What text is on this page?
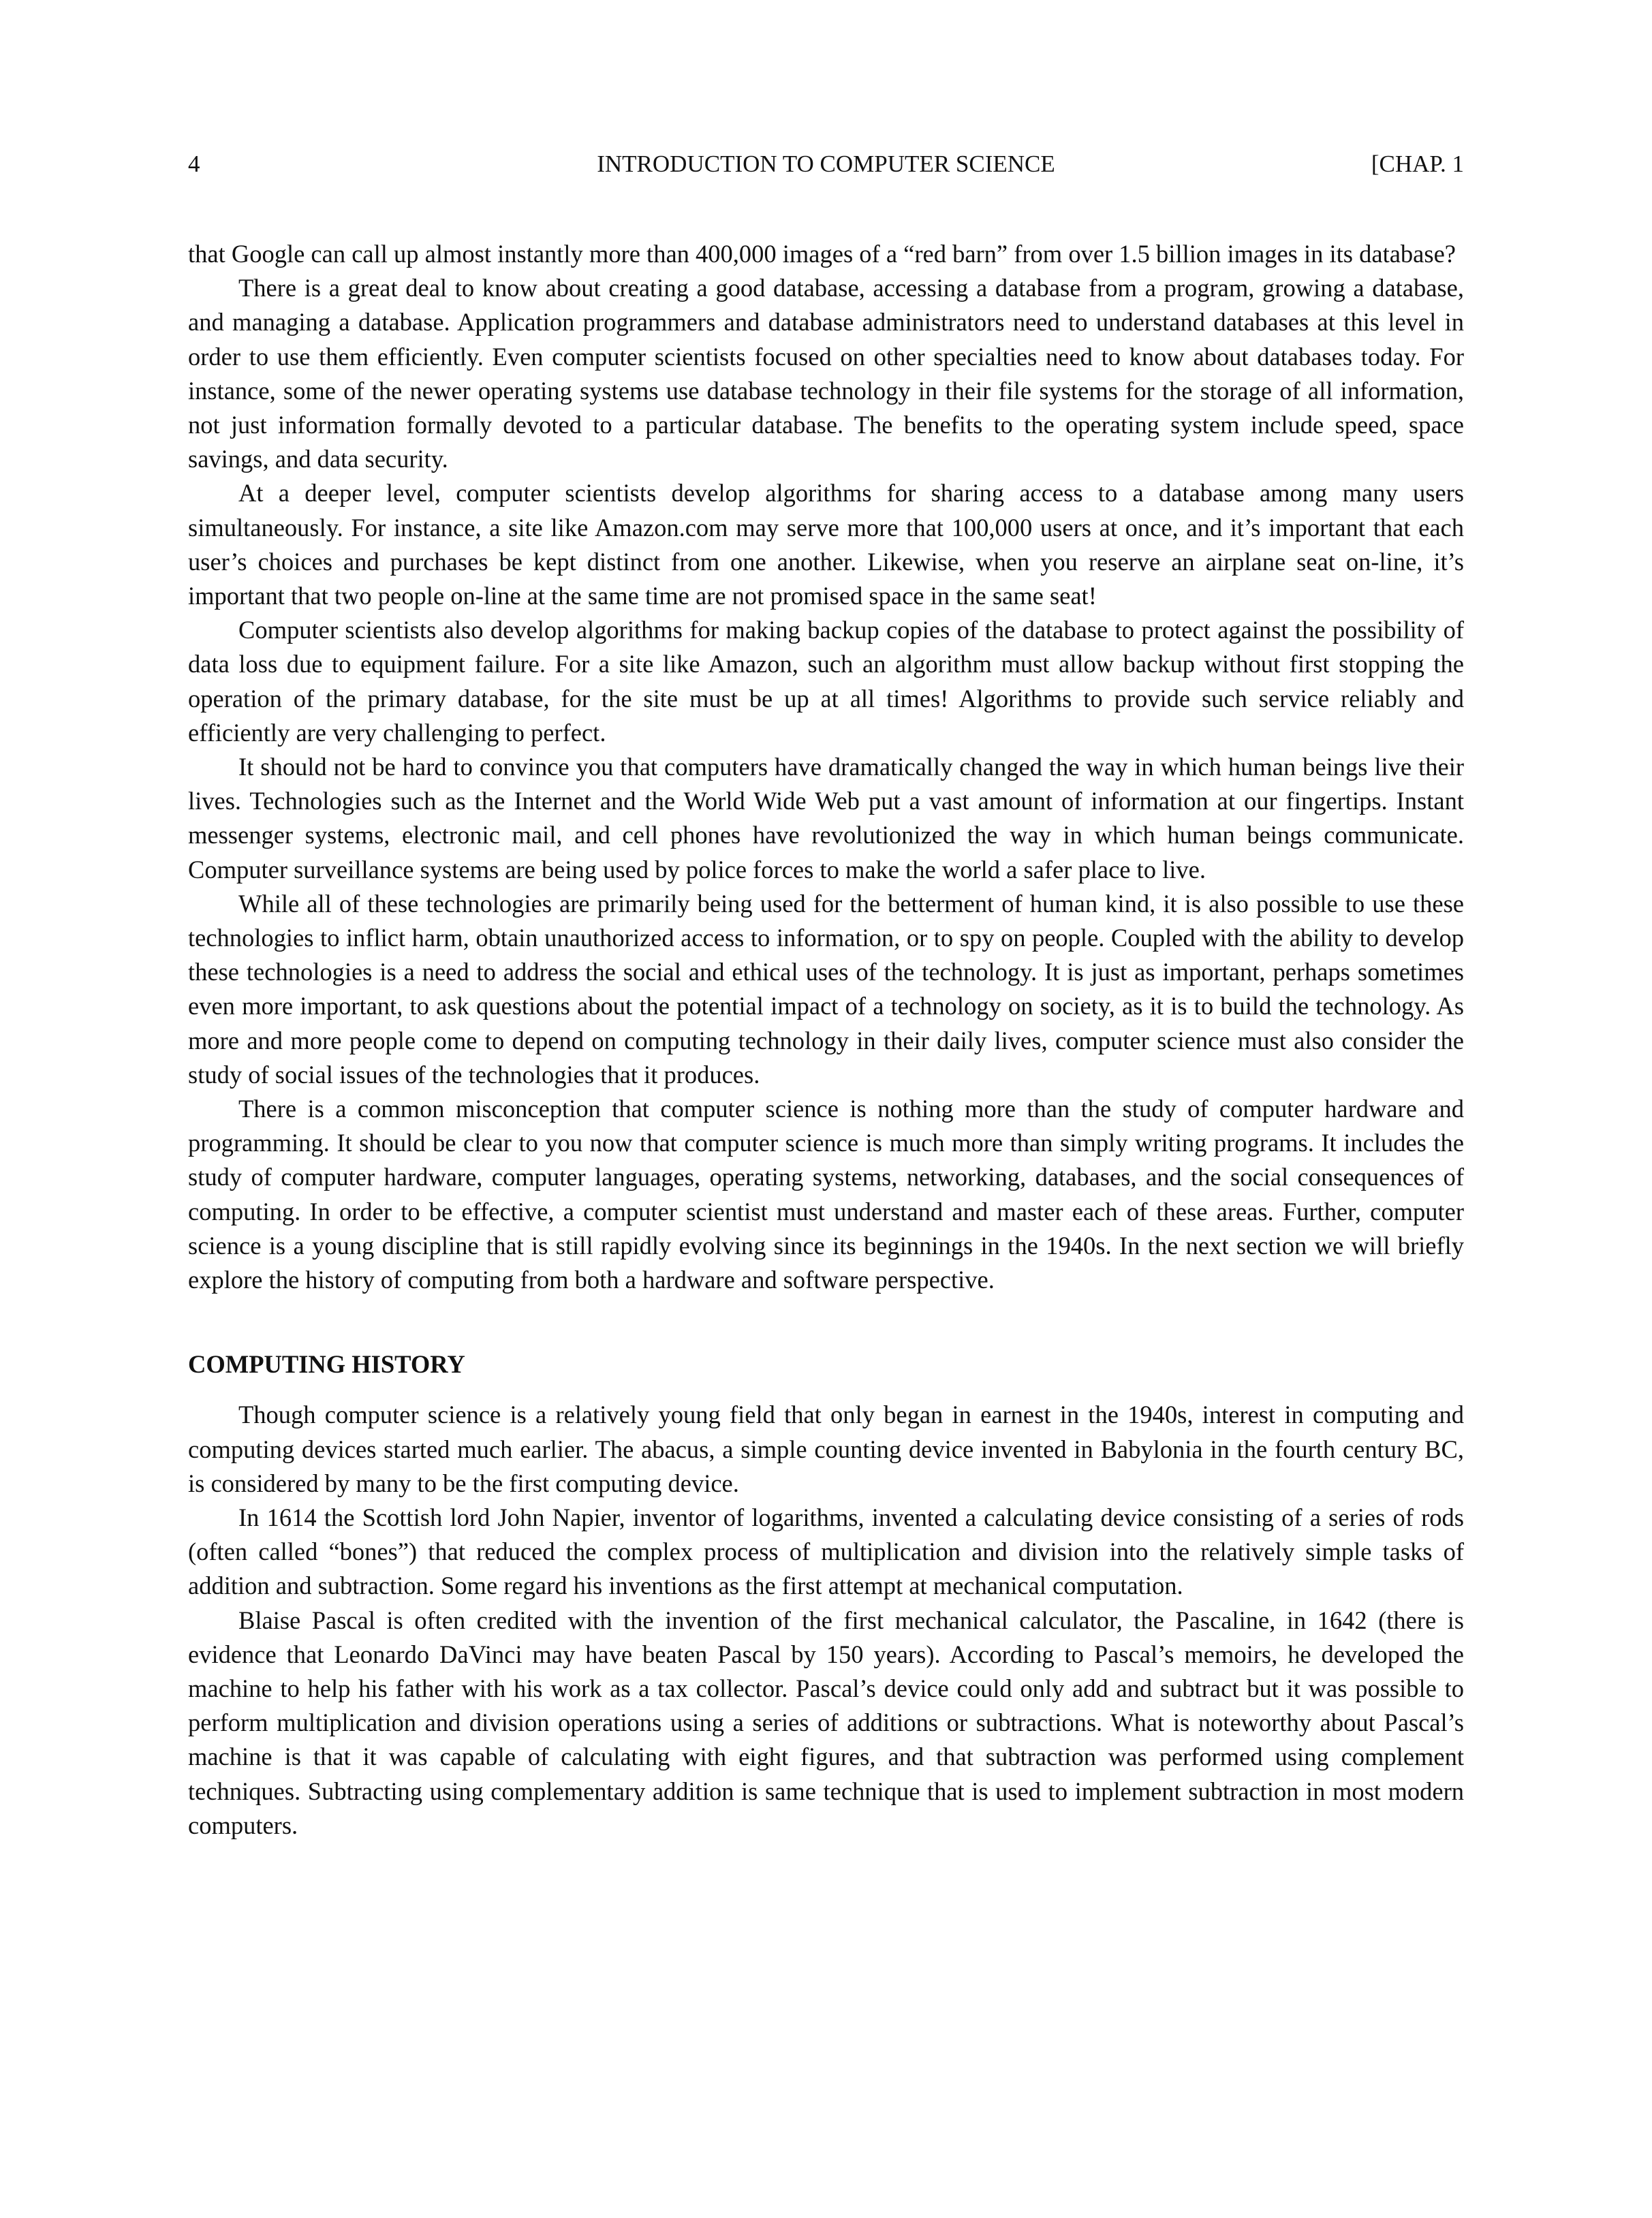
4	INTRODUCTION TO COMPUTER SCIENCE	[CHAP. 1

that Google can call up almost instantly more than 400,000 images of a “red barn” from over 1.5 billion images in its database?

There is a great deal to know about creating a good database, accessing a database from a program, growing a database, and managing a database. Application programmers and database administrators need to understand databases at this level in order to use them efficiently. Even computer scientists focused on other specialties need to know about databases today. For instance, some of the newer operating systems use database technology in their file systems for the storage of all information, not just information formally devoted to a particular database. The benefits to the operating system include speed, space savings, and data security.

At a deeper level, computer scientists develop algorithms for sharing access to a database among many users simultaneously. For instance, a site like Amazon.com may serve more that 100,000 users at once, and it’s important that each user’s choices and purchases be kept distinct from one another. Likewise, when you reserve an airplane seat on-line, it’s important that two people on-line at the same time are not promised space in the same seat!

Computer scientists also develop algorithms for making backup copies of the database to protect against the possibility of data loss due to equipment failure. For a site like Amazon, such an algorithm must allow backup without first stopping the operation of the primary database, for the site must be up at all times! Algorithms to provide such service reliably and efficiently are very challenging to perfect.

It should not be hard to convince you that computers have dramatically changed the way in which human beings live their lives. Technologies such as the Internet and the World Wide Web put a vast amount of information at our fingertips. Instant messenger systems, electronic mail, and cell phones have revolutionized the way in which human beings communicate. Computer surveillance systems are being used by police forces to make the world a safer place to live.

While all of these technologies are primarily being used for the betterment of human kind, it is also possible to use these technologies to inflict harm, obtain unauthorized access to information, or to spy on people. Coupled with the ability to develop these technologies is a need to address the social and ethical uses of the technology. It is just as important, perhaps sometimes even more important, to ask questions about the potential impact of a technology on society, as it is to build the technology. As more and more people come to depend on computing technology in their daily lives, computer science must also consider the study of social issues of the technologies that it produces.

There is a common misconception that computer science is nothing more than the study of computer hardware and programming. It should be clear to you now that computer science is much more than simply writing programs. It includes the study of computer hardware, computer languages, operating systems, networking, databases, and the social consequences of computing. In order to be effective, a computer scientist must understand and master each of these areas. Further, computer science is a young discipline that is still rapidly evolving since its beginnings in the 1940s. In the next section we will briefly explore the history of computing from both a hardware and software perspective.

COMPUTING HISTORY

Though computer science is a relatively young field that only began in earnest in the 1940s, interest in computing and computing devices started much earlier. The abacus, a simple counting device invented in Babylonia in the fourth century BC, is considered by many to be the first computing device.

In 1614 the Scottish lord John Napier, inventor of logarithms, invented a calculating device consisting of a series of rods (often called “bones”) that reduced the complex process of multiplication and division into the relatively simple tasks of addition and subtraction. Some regard his inventions as the first attempt at mechanical computation.

Blaise Pascal is often credited with the invention of the first mechanical calculator, the Pascaline, in 1642 (there is evidence that Leonardo DaVinci may have beaten Pascal by 150 years). According to Pascal’s memoirs, he developed the machine to help his father with his work as a tax collector. Pascal’s device could only add and subtract but it was possible to perform multiplication and division operations using a series of additions or subtractions. What is noteworthy about Pascal’s machine is that it was capable of calculating with eight figures, and that subtraction was performed using complement techniques. Subtracting using complementary addition is same technique that is used to implement subtraction in most modern computers.
